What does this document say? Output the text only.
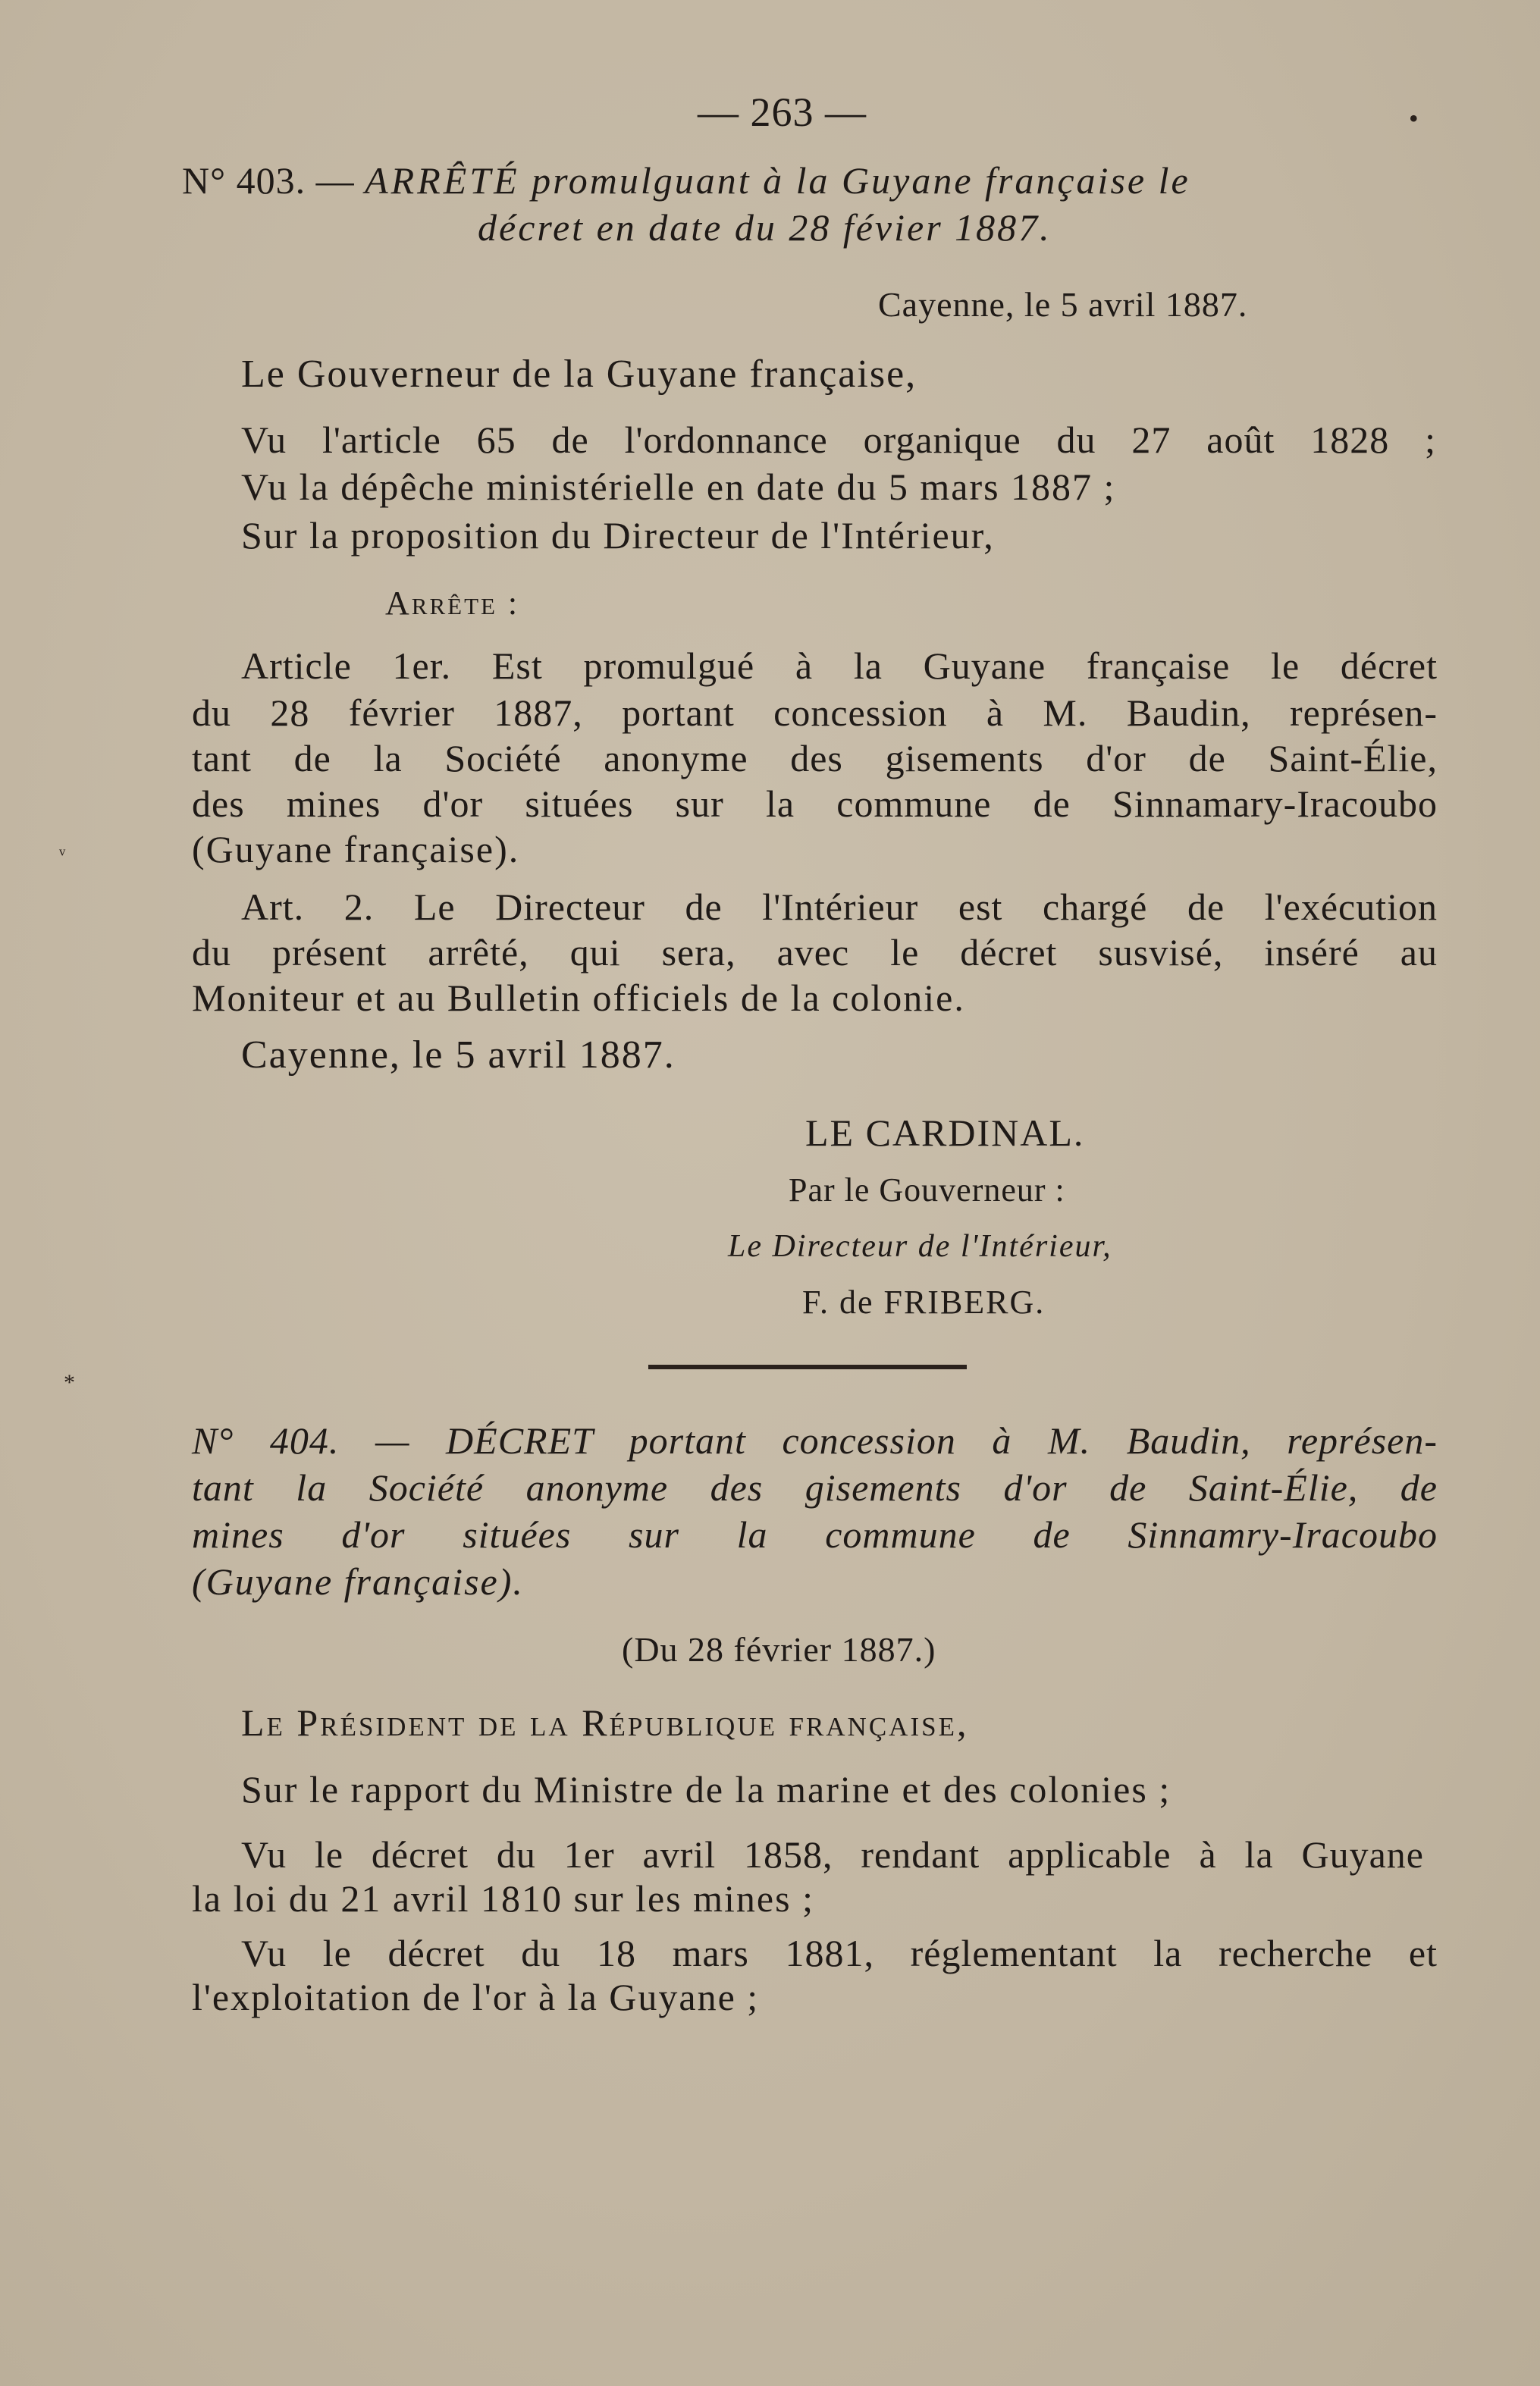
— 263 —
N° 403. — ARRÊTÉ promulguant à la Guyane française le
décret en date du 28 févier 1887.
Cayenne, le 5 avril 1887.
Le Gouverneur de la Guyane française,
Vu l'article 65 de l'ordonnance organique du 27 août 1828 ;
Vu la dépêche ministérielle en date du 5 mars 1887 ;
Sur la proposition du Directeur de l'Intérieur,
Arrête :
Article 1er. Est promulgué à la Guyane française le décret
du 28 février 1887, portant concession à M. Baudin, représen-
tant de la Société anonyme des gisements d'or de Saint-Élie,
des mines d'or situées sur la commune de Sinnamary-Iracoubo
(Guyane française).
Art. 2. Le Directeur de l'Intérieur est chargé de l'exécution
du présent arrêté, qui sera, avec le décret susvisé, inséré au
Moniteur et au Bulletin officiels de la colonie.
Cayenne, le 5 avril 1887.
LE CARDINAL.
Par le Gouverneur :
Le Directeur de l'Intérieur,
F. de FRIBERG.
N° 404. — DÉCRET portant concession à M. Baudin, représen-
tant la Société anonyme des gisements d'or de Saint-Élie, de
mines d'or situées sur la commune de Sinnamry-Iracoubo
(Guyane française).
(Du 28 février 1887.)
Le Président de la République française,
Sur le rapport du Ministre de la marine et des colonies ;
Vu le décret du 1er avril 1858, rendant applicable à la Guyane
la loi du 21 avril 1810 sur les mines ;
Vu le décret du 18 mars 1881, réglementant la recherche et
l'exploitation de l'or à la Guyane ;
•
ᵛ
*
